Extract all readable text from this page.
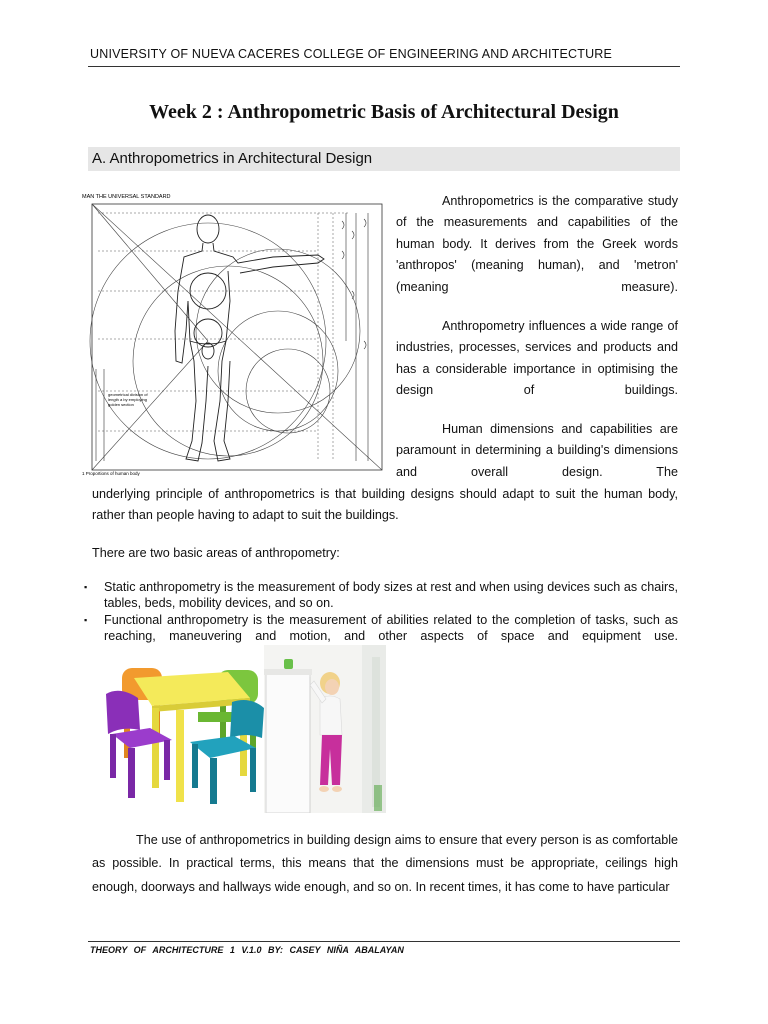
UNIVERSITY OF NUEVA CACERES COLLEGE OF ENGINEERING AND ARCHITECTURE
Week 2 : Anthropometric Basis of Architectural Design
A. Anthropometrics in Architectural Design
MAN THE UNIVERSAL STANDARD
geometrical division of
length a by employing
golden section
1 Proportions of human body
Anthropometrics is the comparative study of the measurements and capabilities of the human body. It derives from the Greek words 'anthropos' (meaning human), and 'metron' (meaning measure).
Anthropometry influences a wide range of industries, processes, services and products and has a considerable importance in optimising the design of buildings.
Human dimensions and capabilities are paramount in determining a building's dimensions and overall design. The
underlying principle of anthropometrics is that building designs should adapt to suit the human body, rather than people having to adapt to suit the buildings.
There are two basic areas of anthropometry:
▪ Static anthropometry is the measurement of body sizes at rest and when using devices such as chairs, tables, beds, mobility devices, and so on.
▪ Functional anthropometry is the measurement of abilities related to the completion of tasks, such as reaching, maneuvering and motion, and other aspects of space and equipment use.
The use of anthropometrics in building design aims to ensure that every person is as comfortable as possible. In practical terms, this means that the dimensions must be appropriate, ceilings high enough, doorways and hallways wide enough, and so on. In recent times, it has come to have particular
THEORY OF ARCHITECTURE 1 V.1.0 BY: CASEY NIÑA ABALAYAN
